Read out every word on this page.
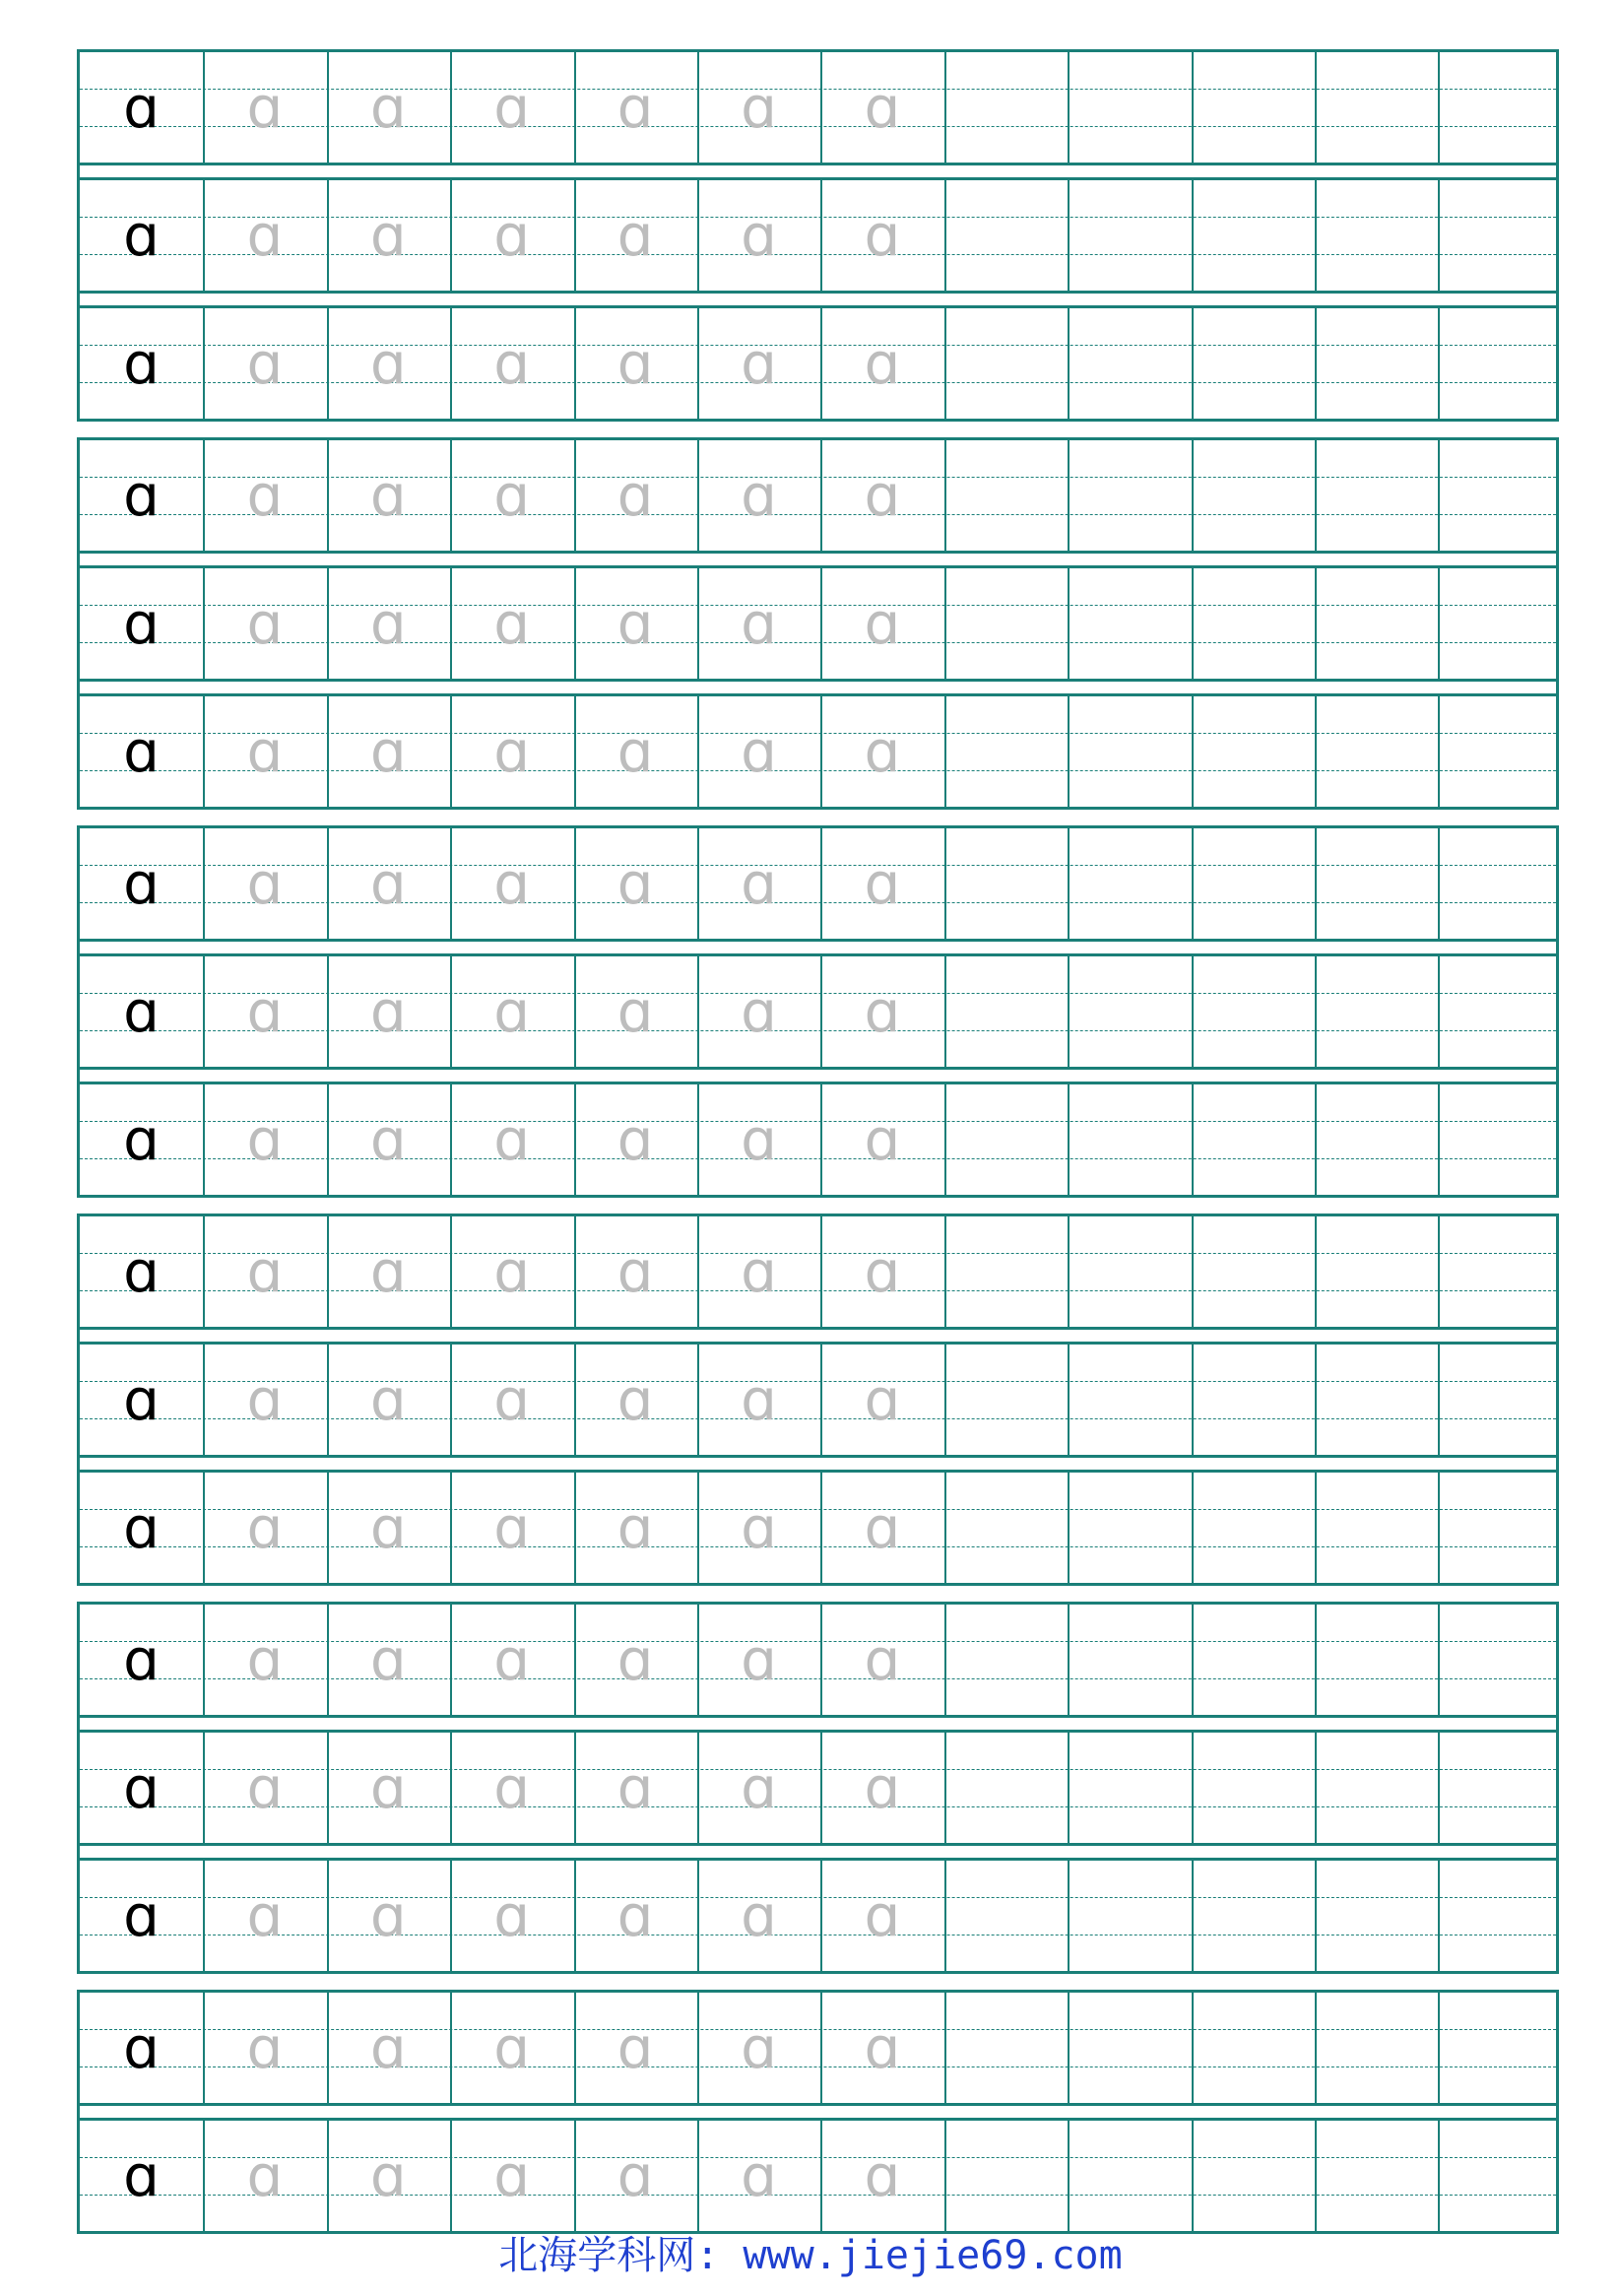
ɑ	ɑ	ɑ	ɑ	ɑ	ɑ	ɑ
ɑ	ɑ	ɑ	ɑ	ɑ	ɑ	ɑ
ɑ	ɑ	ɑ	ɑ	ɑ	ɑ	ɑ
ɑ	ɑ	ɑ	ɑ	ɑ	ɑ	ɑ
ɑ	ɑ	ɑ	ɑ	ɑ	ɑ	ɑ
ɑ	ɑ	ɑ	ɑ	ɑ	ɑ	ɑ
ɑ	ɑ	ɑ	ɑ	ɑ	ɑ	ɑ
ɑ	ɑ	ɑ	ɑ	ɑ	ɑ	ɑ
ɑ	ɑ	ɑ	ɑ	ɑ	ɑ	ɑ
ɑ	ɑ	ɑ	ɑ	ɑ	ɑ	ɑ
ɑ	ɑ	ɑ	ɑ	ɑ	ɑ	ɑ
ɑ	ɑ	ɑ	ɑ	ɑ	ɑ	ɑ
ɑ	ɑ	ɑ	ɑ	ɑ	ɑ	ɑ
ɑ	ɑ	ɑ	ɑ	ɑ	ɑ	ɑ
ɑ	ɑ	ɑ	ɑ	ɑ	ɑ	ɑ
ɑ	ɑ	ɑ	ɑ	ɑ	ɑ	ɑ
ɑ	ɑ	ɑ	ɑ	ɑ	ɑ	ɑ
北海学科网: www.jiejie69.com
